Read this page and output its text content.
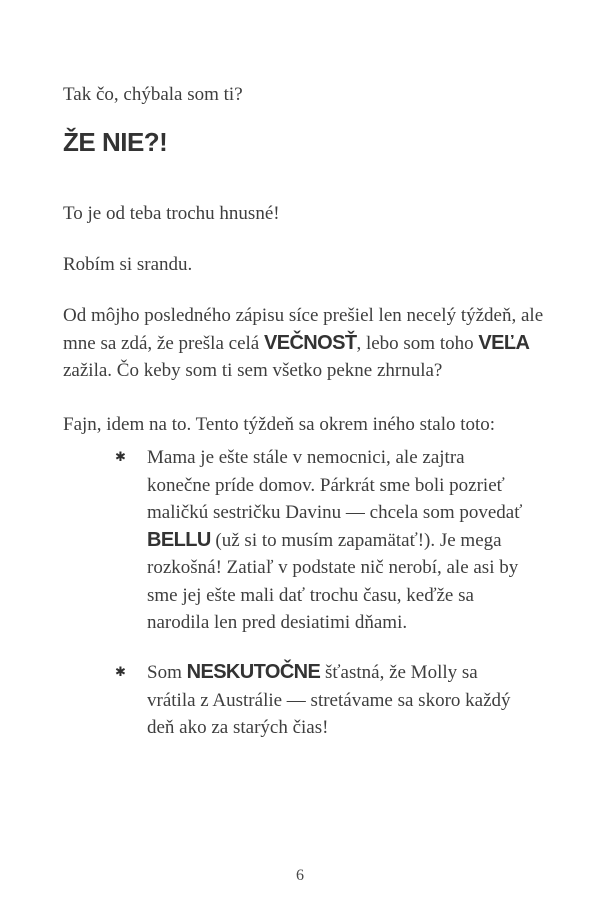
Tak čo, chýbala som ti?

ŽE NIE?!

To je od teba trochu hnusné!

Robím si srandu.

Od môjho posledného zápisu síce prešiel len necelý týždeň, ale mne sa zdá, že prešla celá VEČNOSŤ, lebo som toho VEĽA zažila. Čo keby som ti sem všetko pekne zhrnula?

Fajn, idem na to. Tento týždeň sa okrem iného stalo toto:

✱	Mama je ešte stále v nemocnici, ale zajtra konečne príde domov. Párkrát sme boli pozrieť maličkú sestričku Davinu — chcela som povedať BELLU (už si to musím zapamätať!). Je mega rozkošná! Zatiaľ v podstate nič nerobí, ale asi by sme jej ešte mali dať trochu času, keďže sa narodila len pred desiatimi dňami.
✱	Som NESKUTOČNE šťastná, že Molly sa vrátila z Austrálie — stretávame sa skoro každý deň ako za starých čias!
6
